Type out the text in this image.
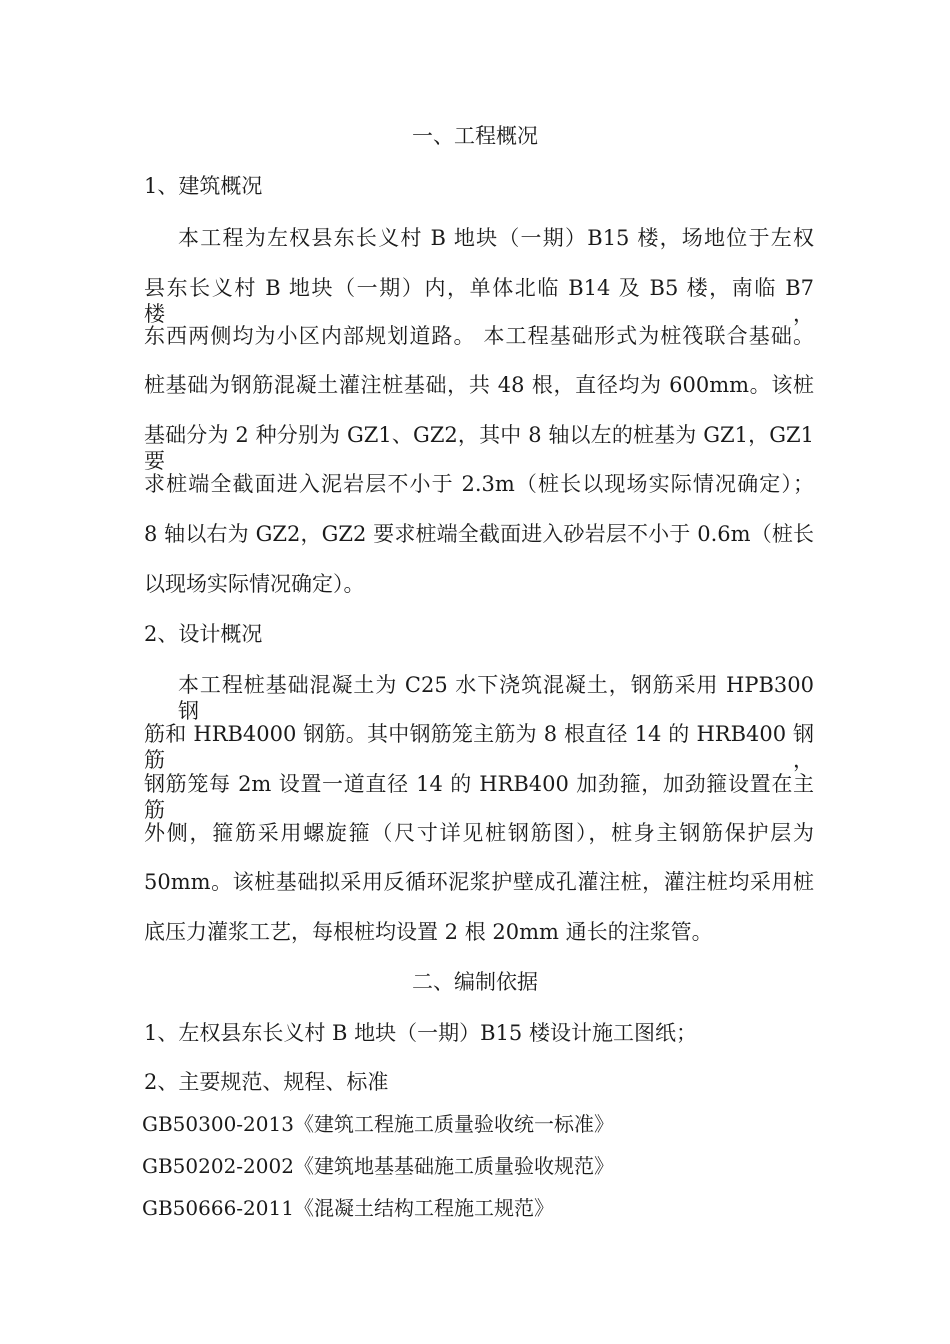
一、工程概况
1、建筑概况
本工程为左权县东长义村 B 地块（一期）B15 楼，场地位于左权
县东长义村 B 地块（一期）内，单体北临 B14 及 B5 楼，南临 B7 楼，
东西两侧均为小区内部规划道路。 本工程基础形式为桩筏联合基础。
桩基础为钢筋混凝土灌注桩基础，共 48 根，直径均为 600mm。该桩
基础分为 2 种分别为 GZ1、GZ2，其中 8 轴以左的桩基为 GZ1，GZ1 要
求桩端全截面进入泥岩层不小于 2.3m（桩长以现场实际情况确定）；
8 轴以右为 GZ2，GZ2 要求桩端全截面进入砂岩层不小于 0.6m（桩长
以现场实际情况确定）。
2、设计概况
本工程桩基础混凝土为 C25 水下浇筑混凝土，钢筋采用 HPB300 钢
筋和 HRB4000 钢筋。其中钢筋笼主筋为 8 根直径 14 的 HRB400 钢筋，
钢筋笼每 2m 设置一道直径 14 的 HRB400 加劲箍，加劲箍设置在主筋
外侧，箍筋采用螺旋箍（尺寸详见桩钢筋图），桩身主钢筋保护层为
50mm。该桩基础拟采用反循环泥浆护壁成孔灌注桩，灌注桩均采用桩
底压力灌浆工艺，每根桩均设置 2 根 20mm 通长的注浆管。
二、编制依据
1、左权县东长义村 B 地块（一期）B15 楼设计施工图纸；
2、主要规范、规程、标准
GB50300-2013《建筑工程施工质量验收统一标准》
GB50202-2002《建筑地基基础施工质量验收规范》
GB50666-2011《混凝土结构工程施工规范》
